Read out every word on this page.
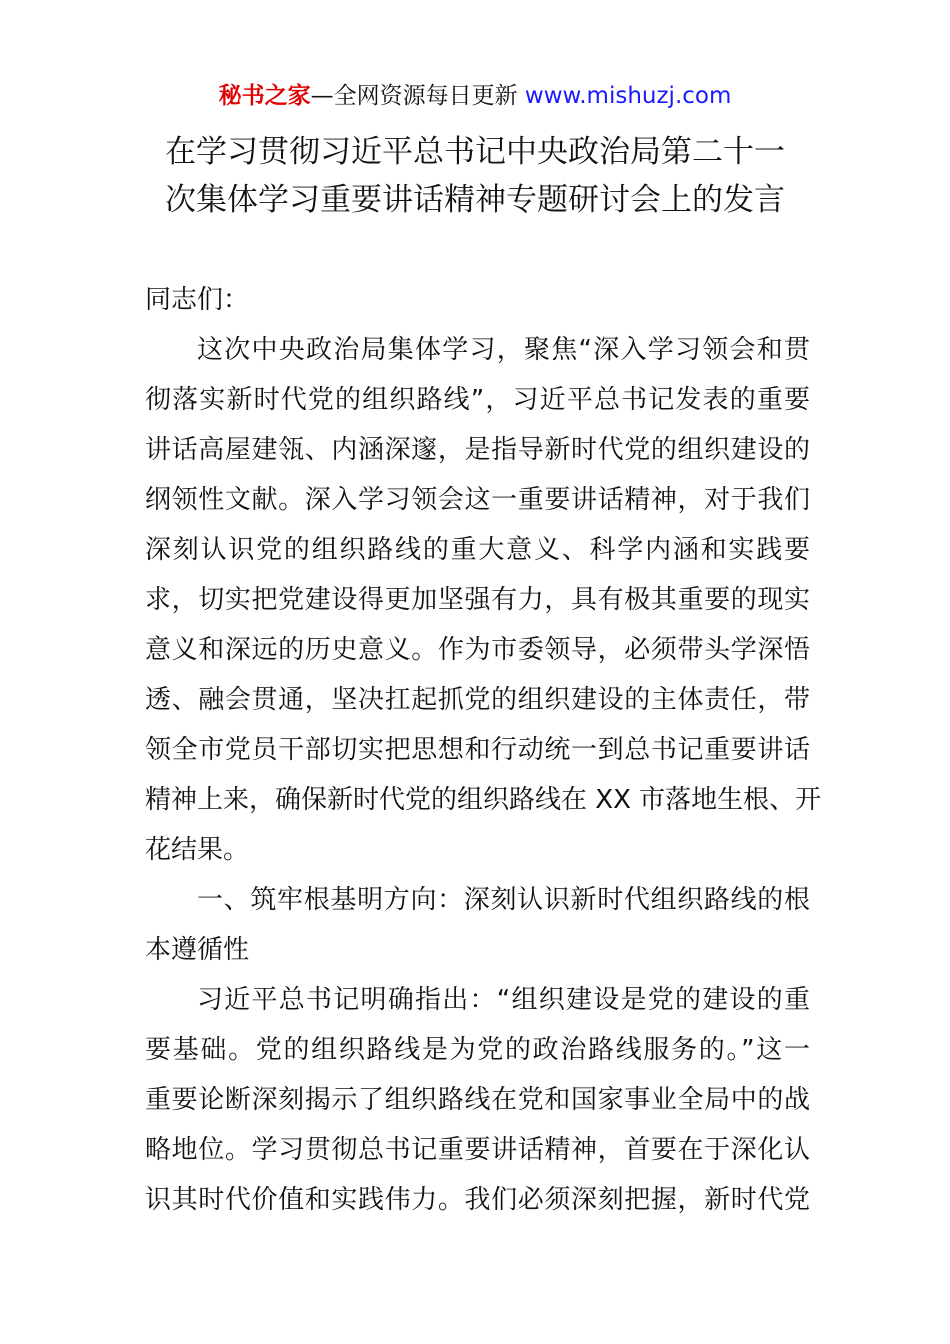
秘书之家—全网资源每日更新 www.mishuzj.com
在学习贯彻习近平总书记中央政治局第二十一
次集体学习重要讲话精神专题研讨会上的发言
同志们：
这次中央政治局集体学习，聚焦“深入学习领会和贯
彻落实新时代党的组织路线”，习近平总书记发表的重要
讲话高屋建瓴、内涵深邃，是指导新时代党的组织建设的
纲领性文献。深入学习领会这一重要讲话精神，对于我们
深刻认识党的组织路线的重大意义、科学内涵和实践要
求，切实把党建设得更加坚强有力，具有极其重要的现实
意义和深远的历史意义。作为市委领导，必须带头学深悟
透、融会贯通，坚决扛起抓党的组织建设的主体责任，带
领全市党员干部切实把思想和行动统一到总书记重要讲话
精神上来，确保新时代党的组织路线在 XX 市落地生根、开
花结果。
一、筑牢根基明方向：深刻认识新时代组织路线的根
本遵循性
习近平总书记明确指出：“组织建设是党的建设的重
要基础。党的组织路线是为党的政治路线服务的。”这一
重要论断深刻揭示了组织路线在党和国家事业全局中的战
略地位。学习贯彻总书记重要讲话精神，首要在于深化认
识其时代价值和实践伟力。我们必须深刻把握，新时代党
